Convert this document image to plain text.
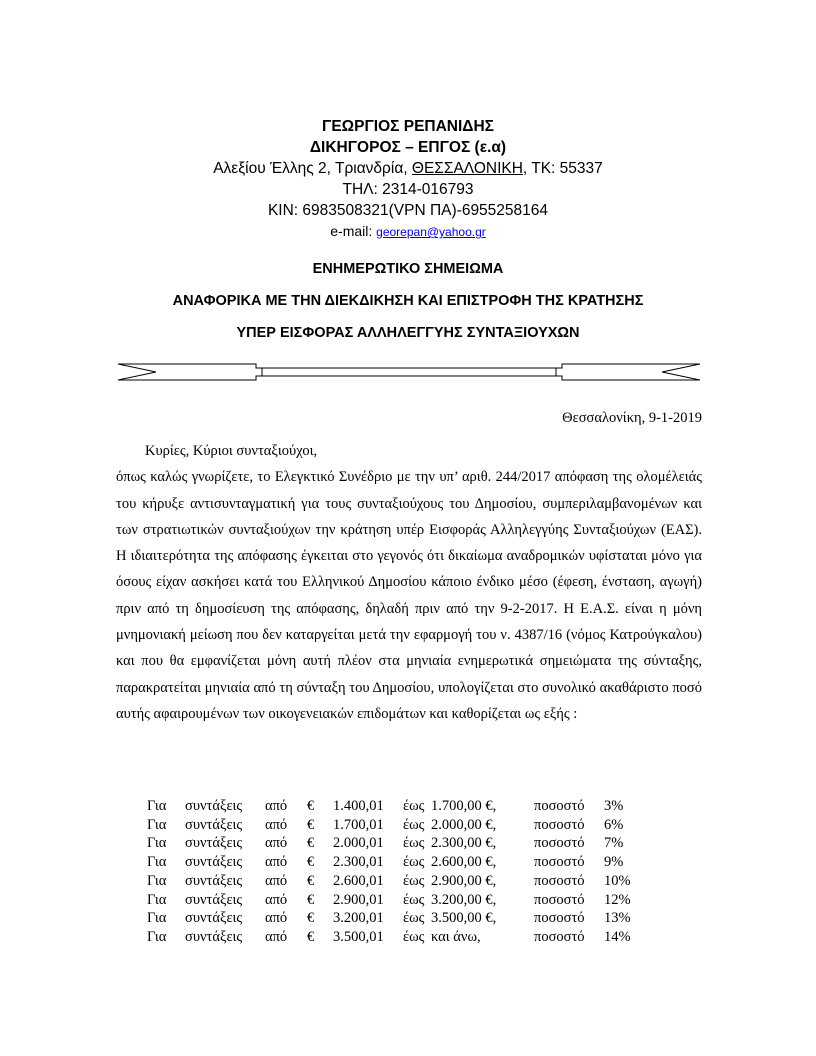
ΓΕΩΡΓΙΟΣ ΡΕΠΑΝΙΔΗΣ
ΔΙΚΗΓΟΡΟΣ – ΕΠΓΟΣ (ε.α)
Αλεξίου Έλλης 2, Τριανδρία, ΘΕΣΣΑΛΟΝΙΚΗ, ΤΚ: 55337
ΤΗΛ: 2314-016793
ΚΙΝ: 6983508321(VPN ΠΑ)-6955258164
e-mail: georepan@yahoo.gr
ΕΝΗΜΕΡΩΤΙΚΟ ΣΗΜΕΙΩΜΑ
ΑΝΑΦΟΡΙΚΑ ΜΕ ΤΗΝ ΔΙΕΚΔΙΚΗΣΗ ΚΑΙ ΕΠΙΣΤΡΟΦΗ ΤΗΣ ΚΡΑΤΗΣΗΣ
ΥΠΕΡ ΕΙΣΦΟΡΑΣ ΑΛΛΗΛΕΓΓΥΗΣ ΣΥΝΤΑΞΙΟΥΧΩΝ
Θεσσαλονίκη, 9-1-2019
Κυρίες, Κύριοι συνταξιούχοι,
όπως καλώς γνωρίζετε, το Ελεγκτικό Συνέδριο με την υπ’ αριθ. 244/2017 απόφαση της ολομέλειάς του κήρυξε αντισυνταγματική για τους συνταξιούχους του Δημοσίου, συμπεριλαμβανομένων και των στρατιωτικών συνταξιούχων την κράτηση υπέρ Εισφοράς Αλληλεγγύης Συνταξιούχων (ΕΑΣ). Η ιδιαιτερότητα της απόφασης έγκειται στο γεγονός ότι δικαίωμα αναδρομικών υφίσταται μόνο για όσους είχαν ασκήσει κατά του Ελληνικού Δημοσίου κάποιο ένδικο μέσο (έφεση, ένσταση, αγωγή) πριν από τη δημοσίευση της απόφασης, δηλαδή πριν από την 9-2-2017. Η Ε.Α.Σ. είναι η μόνη μνημονιακή μείωση που δεν καταργείται μετά την εφαρμογή του ν. 4387/16 (νόμος Κατρούγκαλου) και που θα εμφανίζεται μόνη αυτή πλέον στα μηνιαία ενημερωτικά σημειώματα της σύνταξης, παρακρατείται μηνιαία από τη σύνταξη του Δημοσίου, υπολογίζεται στο συνολικό ακαθάριστο ποσό αυτής αφαιρουμένων των οικογενειακών επιδομάτων και καθορίζεται ως εξής :
Για	συντάξεις	από	€	1.400,01	έως	1.700,00 €,	ποσοστό	3%
Για	συντάξεις	από	€	1.700,01	έως	2.000,00 €,	ποσοστό	6%
Για	συντάξεις	από	€	2.000,01	έως	2.300,00 €,	ποσοστό	7%
Για	συντάξεις	από	€	2.300,01	έως	2.600,00 €,	ποσοστό	9%
Για	συντάξεις	από	€	2.600,01	έως	2.900,00 €,	ποσοστό	10%
Για	συντάξεις	από	€	2.900,01	έως	3.200,00 €,	ποσοστό	12%
Για	συντάξεις	από	€	3.200,01	έως	3.500,00 €,	ποσοστό	13%
Για	συντάξεις	από	€	3.500,01	έως	και άνω,	ποσοστό	14%
